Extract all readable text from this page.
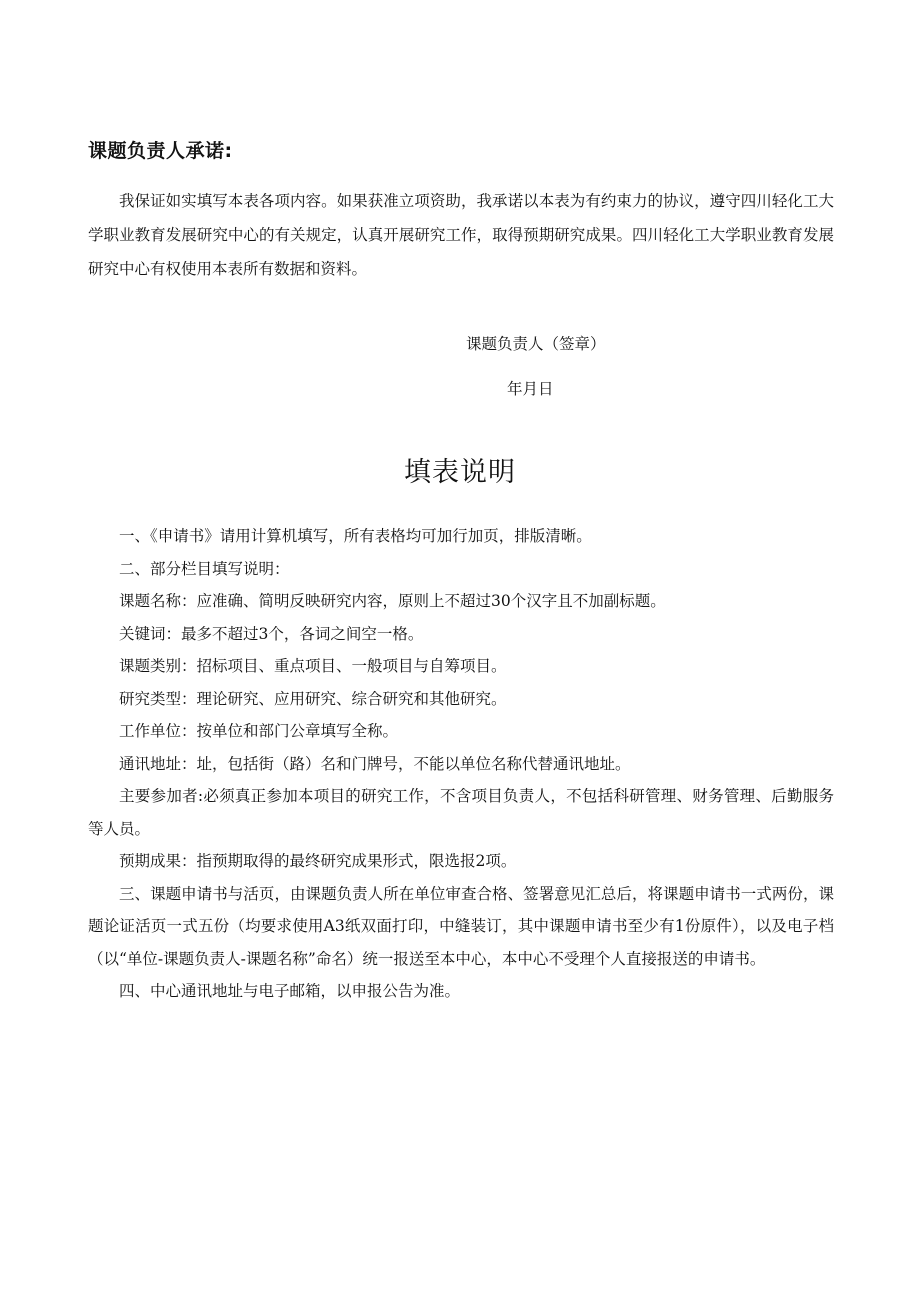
课题负责人承诺:

我保证如实填写本表各项内容。如果获准立项资助，我承诺以本表为有约束力的协议，遵守四川轻化工大学职业教育发展研究中心的有关规定，认真开展研究工作，取得预期研究成果。四川轻化工大学职业教育发展研究中心有权使用本表所有数据和资料。

课题负责人（签章）

年月日

填表说明

一、《申请书》请用计算机填写，所有表格均可加行加页，排版清晰。

二、部分栏目填写说明：

课题名称：应准确、简明反映研究内容，原则上不超过30个汉字且不加副标题。

关键词：最多不超过3个，各词之间空一格。

课题类别：招标项目、重点项目、一般项目与自筹项目。

研究类型：理论研究、应用研究、综合研究和其他研究。

工作单位：按单位和部门公章填写全称。

通讯地址：址，包括街（路）名和门牌号，不能以单位名称代替通讯地址。

主要参加者:必须真正参加本项目的研究工作，不含项目负责人，不包括科研管理、财务管理、后勤服务等人员。

预期成果：指预期取得的最终研究成果形式，限选报2项。

三、课题申请书与活页，由课题负责人所在单位审查合格、签署意见汇总后，将课题申请书一式两份，课题论证活页一式五份（均要求使用A3纸双面打印，中缝装订，其中课题申请书至少有1份原件），以及电子档（以“单位-课题负责人-课题名称”命名）统一报送至本中心，本中心不受理个人直接报送的申请书。

四、中心通讯地址与电子邮箱，以申报公告为准。
